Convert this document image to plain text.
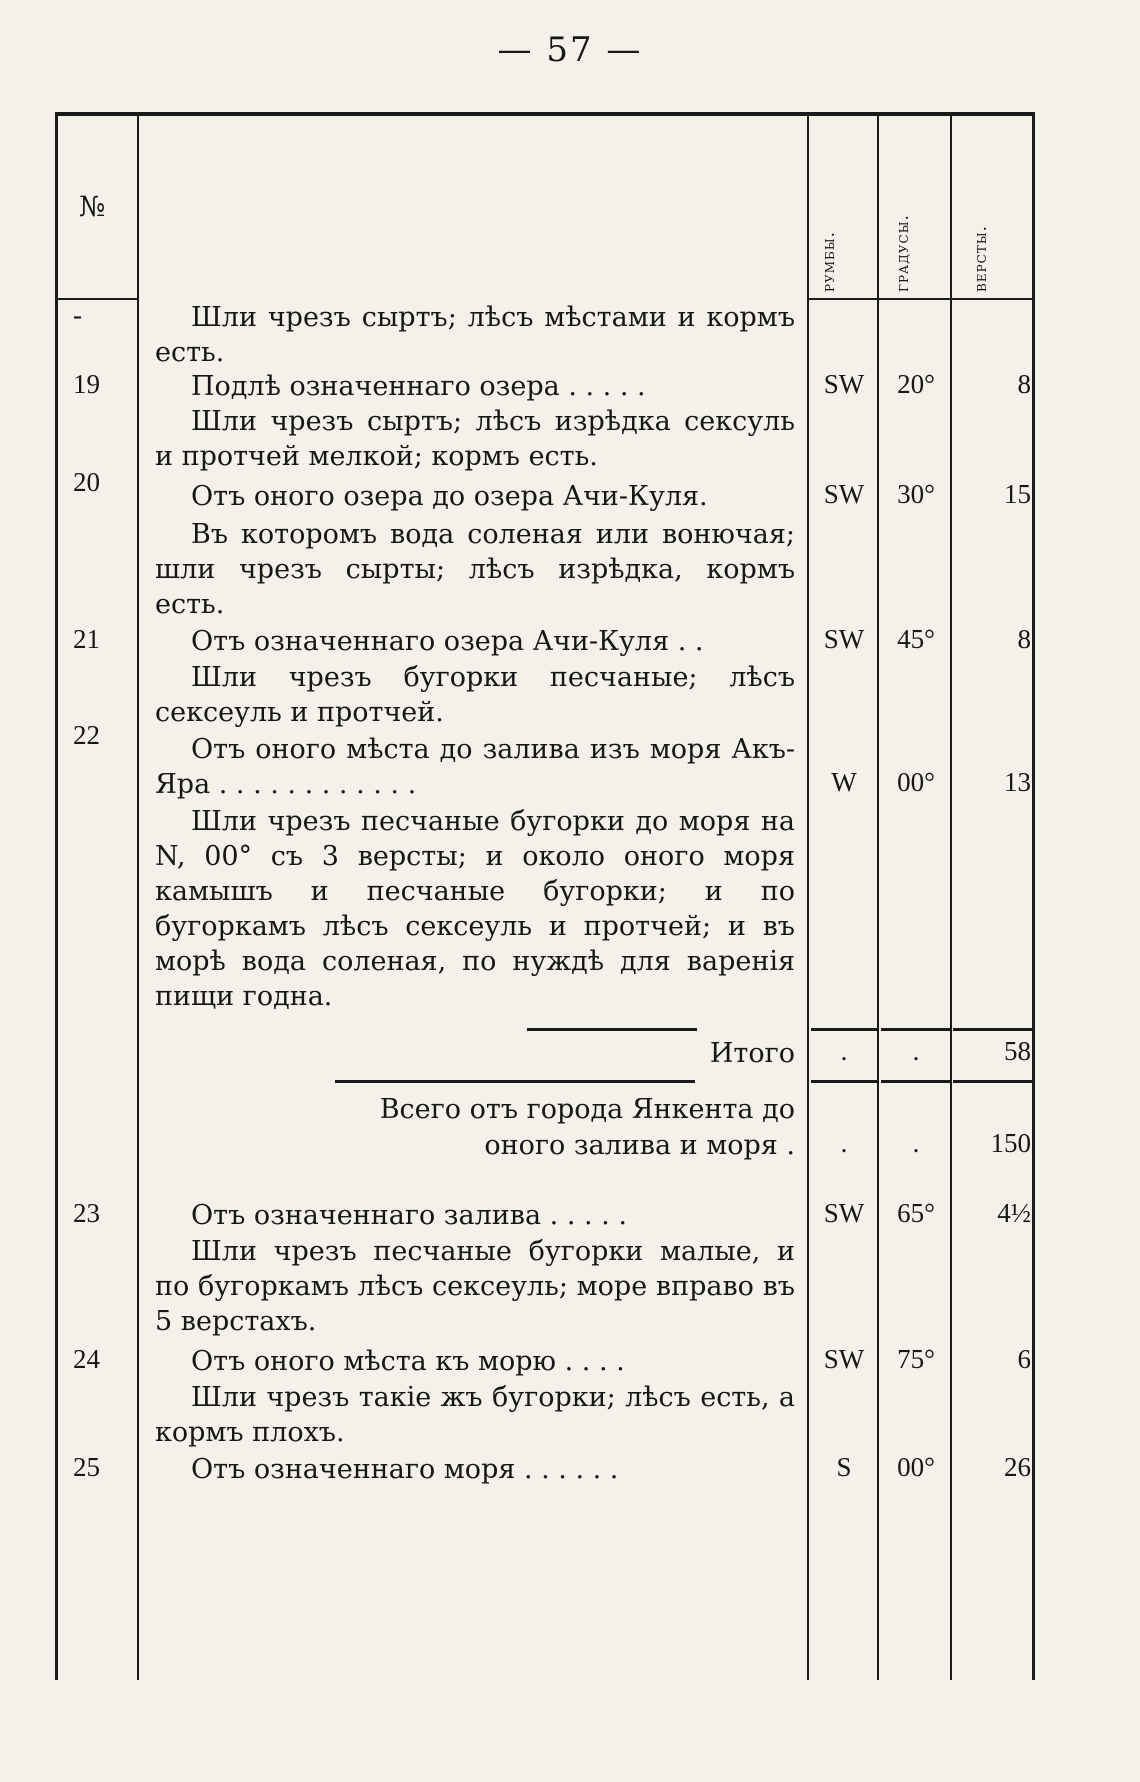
— 57 —
№
румбы.	градусы.	версты.
-	Шли чрезъ сыртъ; лѣсъ мѣстами и кормъ есть.
19	Подлѣ означеннаго озера . . . . .	SW	20°	8
Шли чрезъ сыртъ; лѣсъ изрѣдка сексуль и протчей мелкой; кормъ есть.
20	Отъ оного озера до озера Ачи-Куля.	SW	30°	15
Въ которомъ вода соленая или вонючая; шли чрезъ сырты; лѣсъ изрѣдка, кормъ есть.
21	Отъ означеннаго озера Ачи-Куля . .	SW	45°	8
Шли чрезъ бугорки песчаные; лѣсъ сексеуль и протчей.
22	Отъ оного мѣста до залива изъ моря Акъ-Яра . . . . . . . . . . . .	W	00°	13
Шли чрезъ песчаные бугорки до моря на N, 00° съ 3 версты; и около оного моря камышъ и песчаные бугорки; и по бугоркамъ лѣсъ сексеуль и протчей; и въ морѣ вода соленая, по нуждѣ для варенія пищи годна.
Итого	.	.	58
Всего отъ города Янкента до
оного залива и моря .	.	.	150
23	Отъ означеннаго залива . . . . .	SW	65°	4½
Шли чрезъ песчаные бугорки малые, и по бугоркамъ лѣсъ сексеуль; море вправо въ 5 верстахъ.
24	Отъ оного мѣста къ морю . . . .	SW	75°	6
Шли чрезъ такіе жъ бугорки; лѣсъ есть, а кормъ плохъ.
25	Отъ означеннаго моря . . . . . .	S	00°	26
